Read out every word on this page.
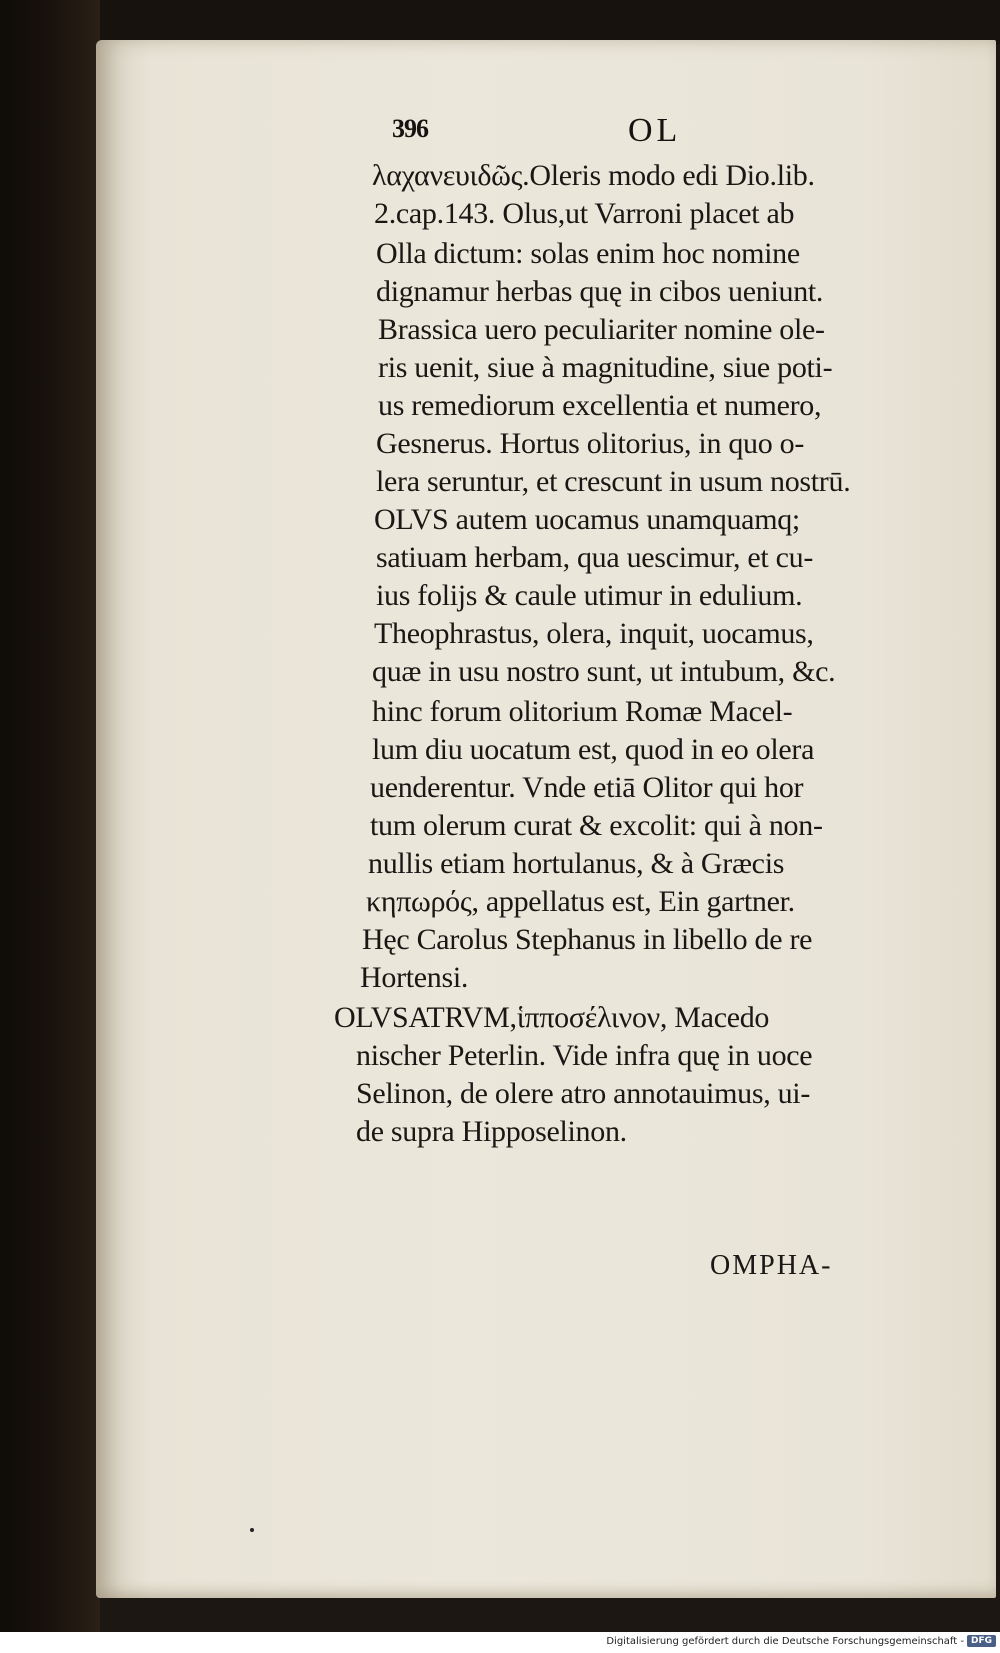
396	OL
λαχανευιδῶς.Oleris modo edi Dio.lib.
2.cap.143. Olus,ut Varroni placet ab
Olla dictum: solas enim hoc nomine
dignamur herbas quę in cibos ueniunt.
Brassica uero peculiariter nomine ole-
ris uenit, siue à magnitudine, siue poti-
us remediorum excellentia et numero,
Gesnerus. Hortus olitorius, in quo o-
lera seruntur, et crescunt in usum nostrū.
OLVS autem uocamus unamquamq;
satiuam herbam, qua uescimur, et cu-
ius folijs & caule utimur in edulium.
Theophrastus, olera, inquit, uocamus,
quæ in usu nostro sunt, ut intubum, &c.
hinc forum olitorium Romæ Macel-
lum diu uocatum est, quod in eo olera
uenderentur. Vnde etiā Olitor qui hor
tum olerum curat & excolit: qui à non-
nullis etiam hortulanus, & à Græcis
κηπωρός, appellatus est, Ein gartner.
Hęc Carolus Stephanus in libello de re
Hortensi.
OLVSATRVM,ἱπποσέλινον, Macedo
nischer Peterlin. Vide infra quę in uoce
Selinon, de olere atro annotauimus, ui-
de supra Hipposelinon.
OMPHA-
Digitalisierung gefördert durch die Deutsche Forschungsgemeinschaft - DFG
